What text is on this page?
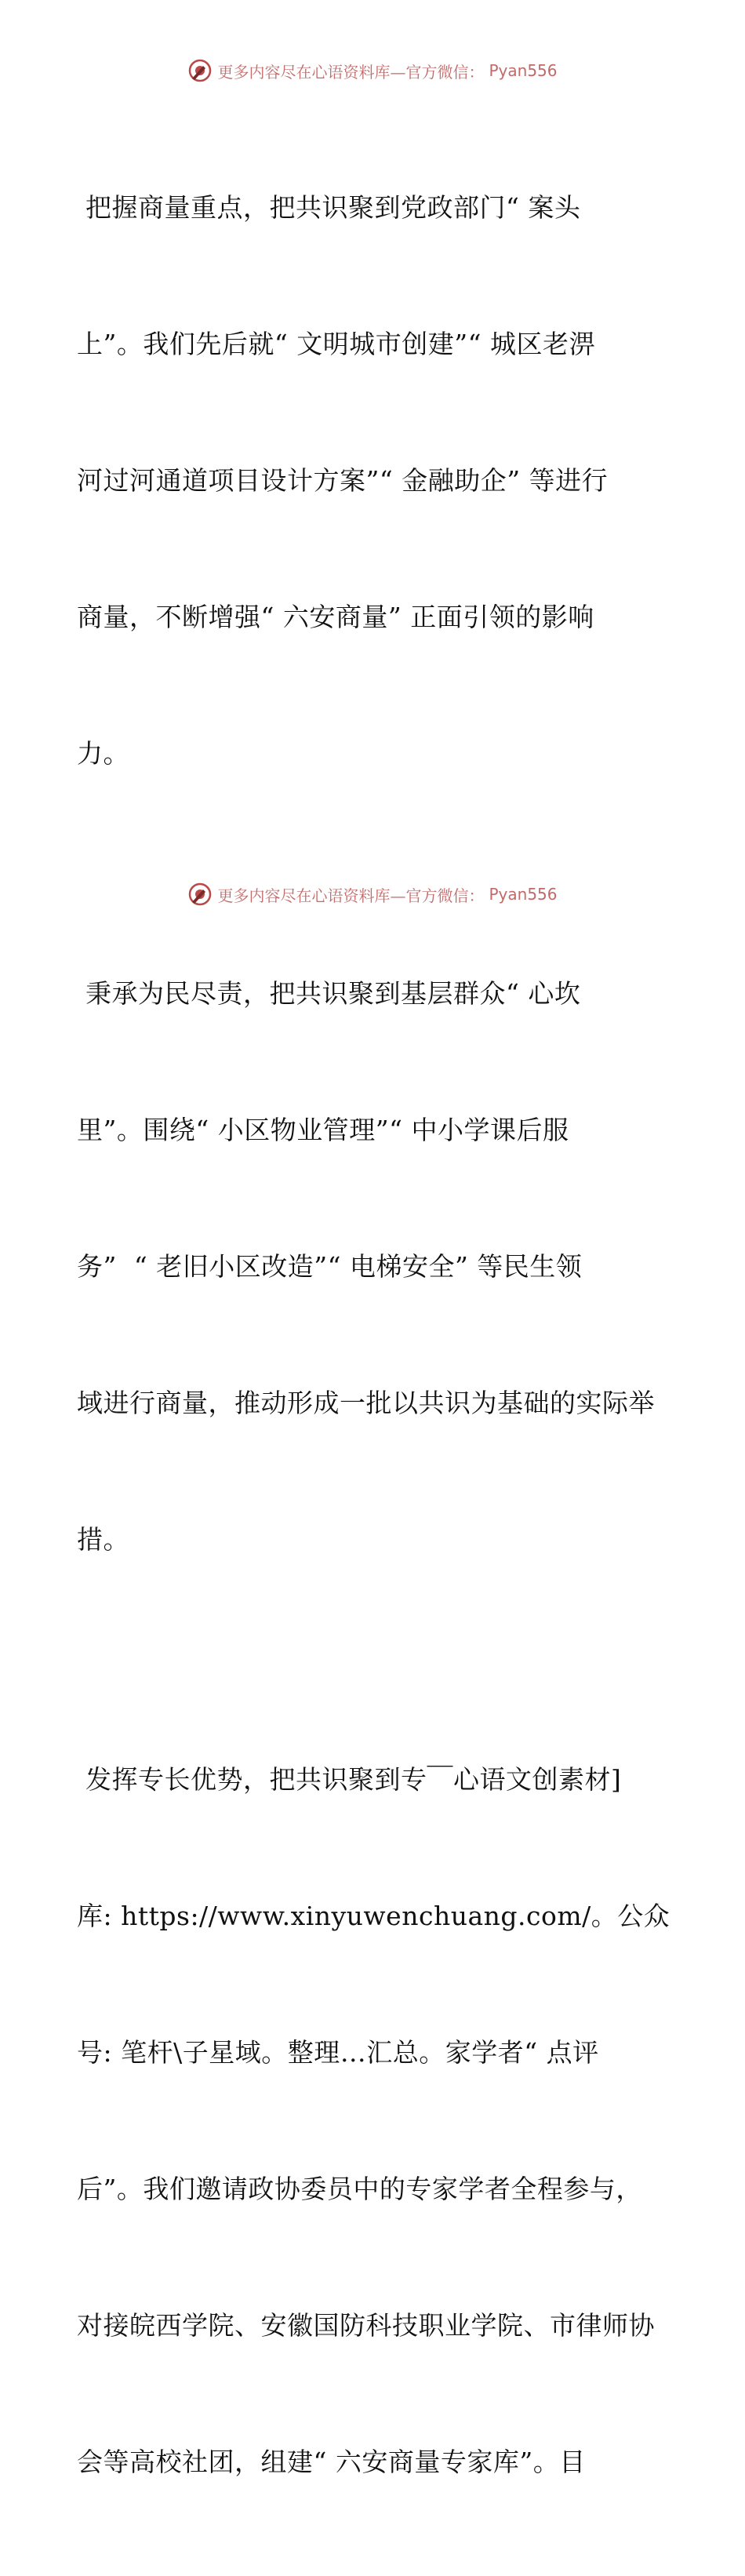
更多内容尽在心语资料库—官方微信： Pyan556

把握商量重点，把共识聚到党政部门“ 案头

上”。我们先后就“ 文明城市创建”“ 城区老淠

河过河通道项目设计方案”“ 金融助企” 等进行

商量，不断增强“ 六安商量” 正面引领的影响

力。

秉承为民尽责，把共识聚到基层群众“ 心坎

里”。围绕“ 小区物业管理”“ 中小学课后服

务”  “ 老旧小区改造”“ 电梯安全” 等民生领

域进行商量，推动形成一批以共识为基础的实际举

措。

发挥专长优势，把共识聚到专￣心语文创素材]

库: https://www.xinyuwenchuang.com/。公众

号: 笔杆\子星域。整理…汇总。家学者“ 点评

后”。我们邀请政协委员中的专家学者全程参与，

对接皖西学院、安徽国防科技职业学院、市律师协

会等高校社团，组建“ 六安商量专家库”。目

更多内容尽在心语资料库—官方微信： Pyan556
